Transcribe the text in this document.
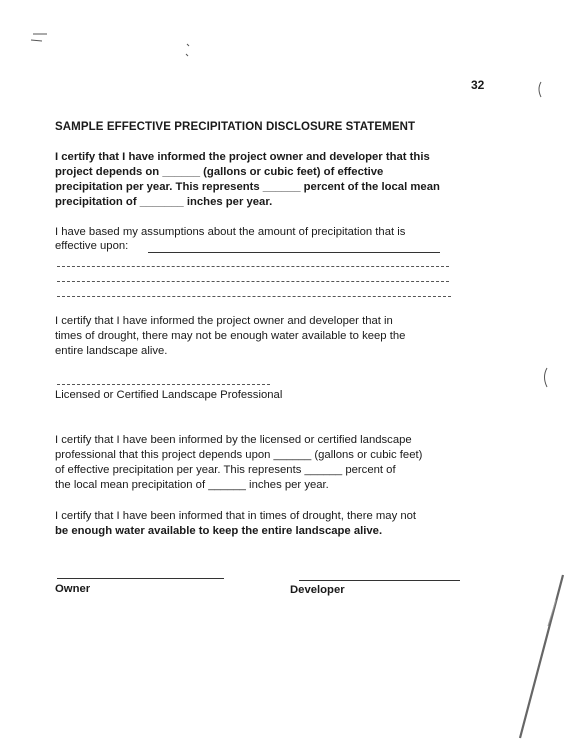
32
SAMPLE EFFECTIVE PRECIPITATION DISCLOSURE STATEMENT
I certify that I have informed the project owner and developer that this
project depends on ______ (gallons or cubic feet) of effective
precipitation per year. This represents ______ percent of the local mean
precipitation of _______ inches per year.
I have based my assumptions about the amount of precipitation that is
effective upon:
I certify that I have informed the project owner and developer that in
times of drought, there may not be enough water available to keep the
entire landscape alive.
Licensed or Certified Landscape Professional
I certify that I have been informed by the licensed or certified landscape
professional that this project depends upon ______ (gallons or cubic feet)
of effective precipitation per year. This represents ______ percent of
the local mean precipitation of ______ inches per year.
I certify that I have been informed that in times of drought, there may not
be enough water available to keep the entire landscape alive.
Owner	Developer
